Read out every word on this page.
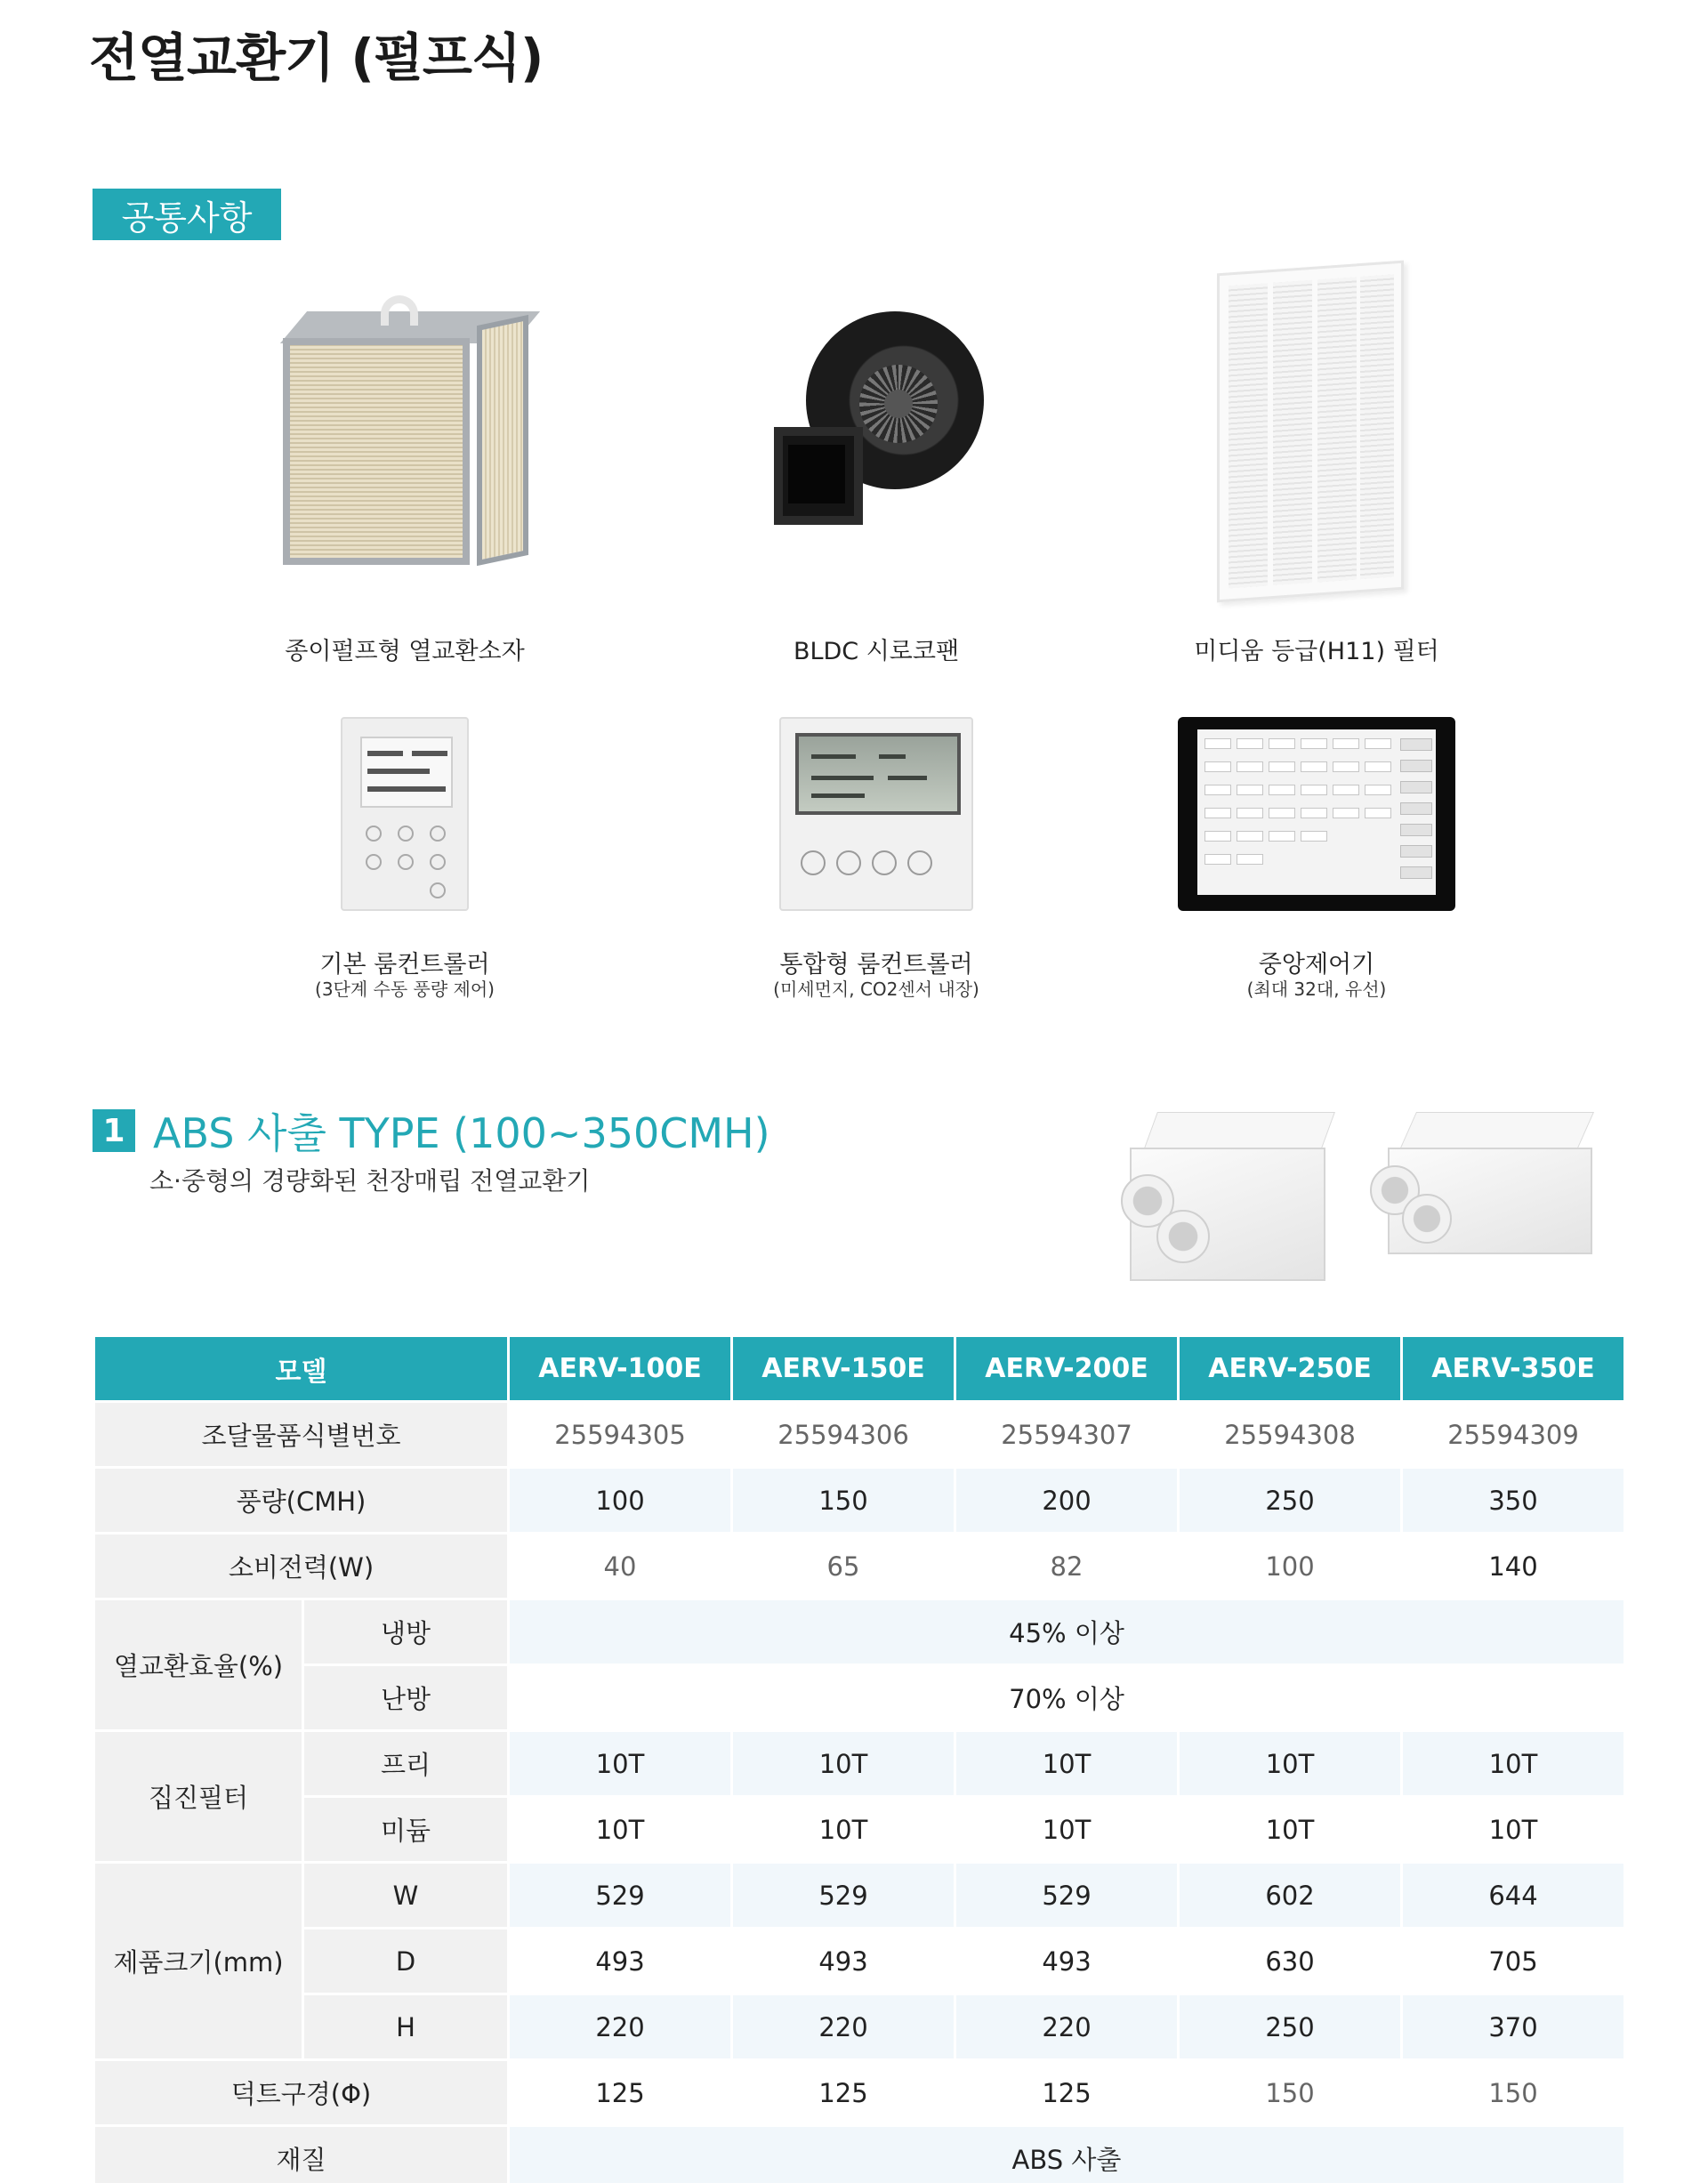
전열교환기 (펄프식)
공통사항
종이펄프형 열교환소자	BLDC 시로코팬	미디움 등급(H11) 필터
기본 룸컨트롤러
(3단계 수동 풍량 제어)
통합형 룸컨트롤러
(미세먼지, CO2센서 내장)
중앙제어기
(최대 32대, 유선)
1 ABS 사출 TYPE (100~350CMH)
소·중형의 경량화된 천장매립 전열교환기
모델		AERV-100E	AERV-150E	AERV-200E	AERV-250E	AERV-350E
조달물품식별번호		25594305	25594306	25594307	25594308	25594309
풍량(CMH)		100	150	200	250	350
소비전력(W)		40	65	82	100	140
열교환효율(%)	냉방	45% 이상				
	난방	70% 이상				
집진필터	프리	10T	10T	10T	10T	10T
	미듐	10T	10T	10T	10T	10T
제품크기(mm)	W	529	529	529	602	644
	D	493	493	493	630	705
	H	220	220	220	250	370
덕트구경(Φ)		125	125	125	150	150
재질		ABS 사출				
